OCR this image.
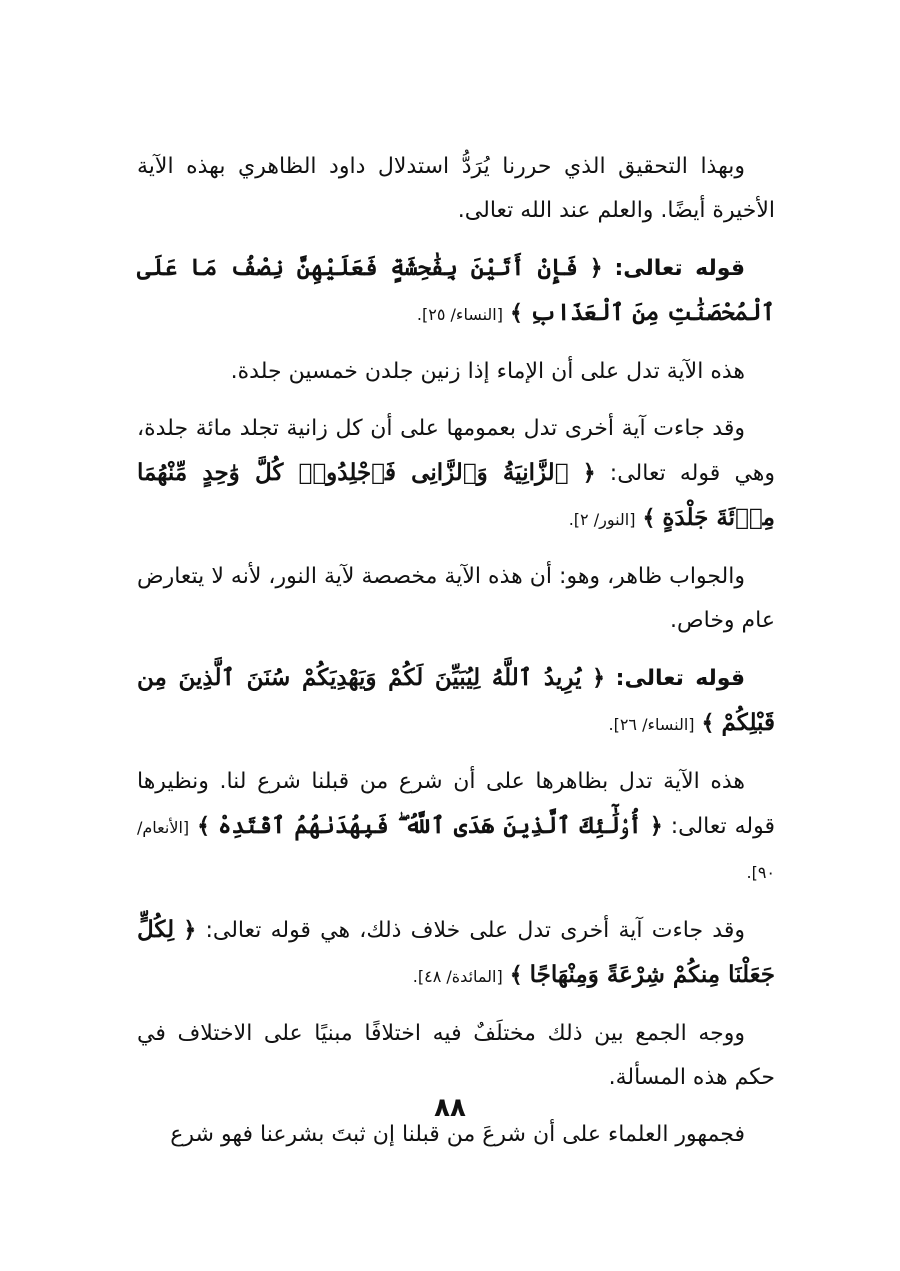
وبهذا التحقيق الذي حررنا يُرَدُّ استدلال داود الظاهري بهذه الآية الأخيرة أيضًا. والعلم عند الله تعالى.

قوله تعالى: ﴿ فَإِنْ أَتَيْنَ بِفَٰحِشَةٍ فَعَلَيْهِنَّ نِصْفُ مَا عَلَى ٱلْمُحْصَنَٰتِ مِنَ ٱلْعَذَابِ ﴾ [النساء/ ٢٥].

هذه الآية تدل على أن الإماء إذا زنين جلدن خمسين جلدة.

وقد جاءت آية أخرى تدل بعمومها على أن كل زانية تجلد مائة جلدة، وهي قوله تعالى: ﴿ ٱلزَّانِيَةُ وَٱلزَّانِى فَٱجْلِدُوا۟ كُلَّ وَٰحِدٍ مِّنْهُمَا مِا۟ئَةَ جَلْدَةٍ ﴾ [النور/ ٢].

والجواب ظاهر، وهو: أن هذه الآية مخصصة لآية النور، لأنه لا يتعارض عام وخاص.

قوله تعالى: ﴿ يُرِيدُ ٱللَّهُ لِيُبَيِّنَ لَكُمْ وَيَهْدِيَكُمْ سُنَنَ ٱلَّذِينَ مِن قَبْلِكُمْ ﴾ [النساء/ ٢٦].

هذه الآية تدل بظاهرها على أن شرع من قبلنا شرع لنا. ونظيرها قوله تعالى: ﴿ أُو۟لَٰٓئِكَ ٱلَّذِينَ هَدَى ٱللَّهُ ۖ فَبِهُدَىٰهُمُ ٱقْتَدِهْ ﴾ [الأنعام/ ٩٠].

وقد جاءت آية أخرى تدل على خلاف ذلك، هي قوله تعالى: ﴿ لِكُلٍّ جَعَلْنَا مِنكُمْ شِرْعَةً وَمِنْهَاجًا ﴾ [المائدة/ ٤٨].

ووجه الجمع بين ذلك مختلَفٌ فيه اختلافًا مبنيًا على الاختلاف في حكم هذه المسألة.

فجمهور العلماء على أن شرعَ من قبلنا إن ثبتَ بشرعنا فهو شرع

٨٨
